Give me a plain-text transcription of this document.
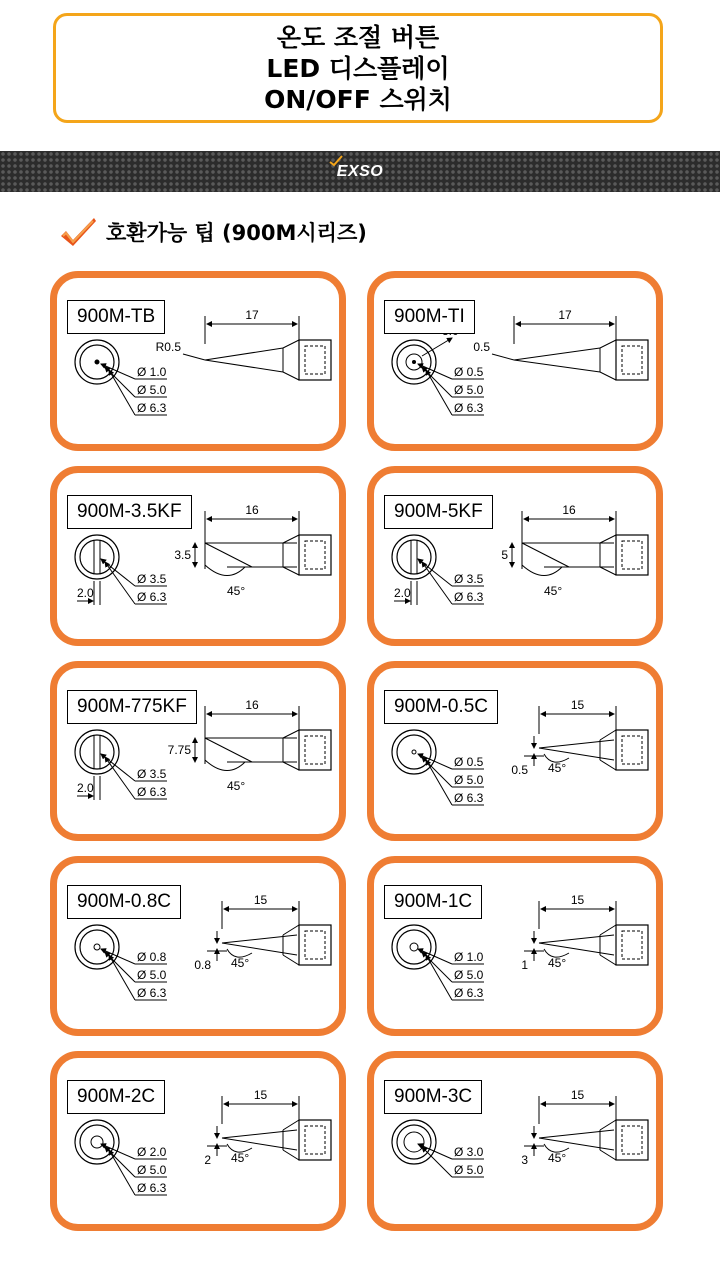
온도 조절 버튼
LED 디스플레이
ON/OFF 스위치
EXSO
호환가능 팁 (900M시리즈)
Ø 1.0
Ø 5.0
Ø 6.3
R0.5
17
900M-TB
Ø 0.5
Ø 5.0
Ø 6.3
0.5
17
900M-TI
Ø 3.5
Ø 6.3
3.5
45°
2.0
16
900M-3.5KF
Ø 3.5
Ø 6.3
5
45°
2.0
16
900M-5KF
Ø 3.5
Ø 6.3
7.75
45°
2.0
16
900M-775KF
Ø 0.5
Ø 5.0
Ø 6.3
0.5 45°
15
900M-0.5C
Ø 0.8
Ø 5.0
Ø 6.3
0.8 45°
15
900M-0.8C
Ø 1.0
Ø 5.0
Ø 6.3
1 45°
15
900M-1C
Ø 2.0
Ø 5.0
Ø 6.3
2 45°
15
900M-2C
Ø 3.0
Ø 5.0
3 45°
15
900M-3C
